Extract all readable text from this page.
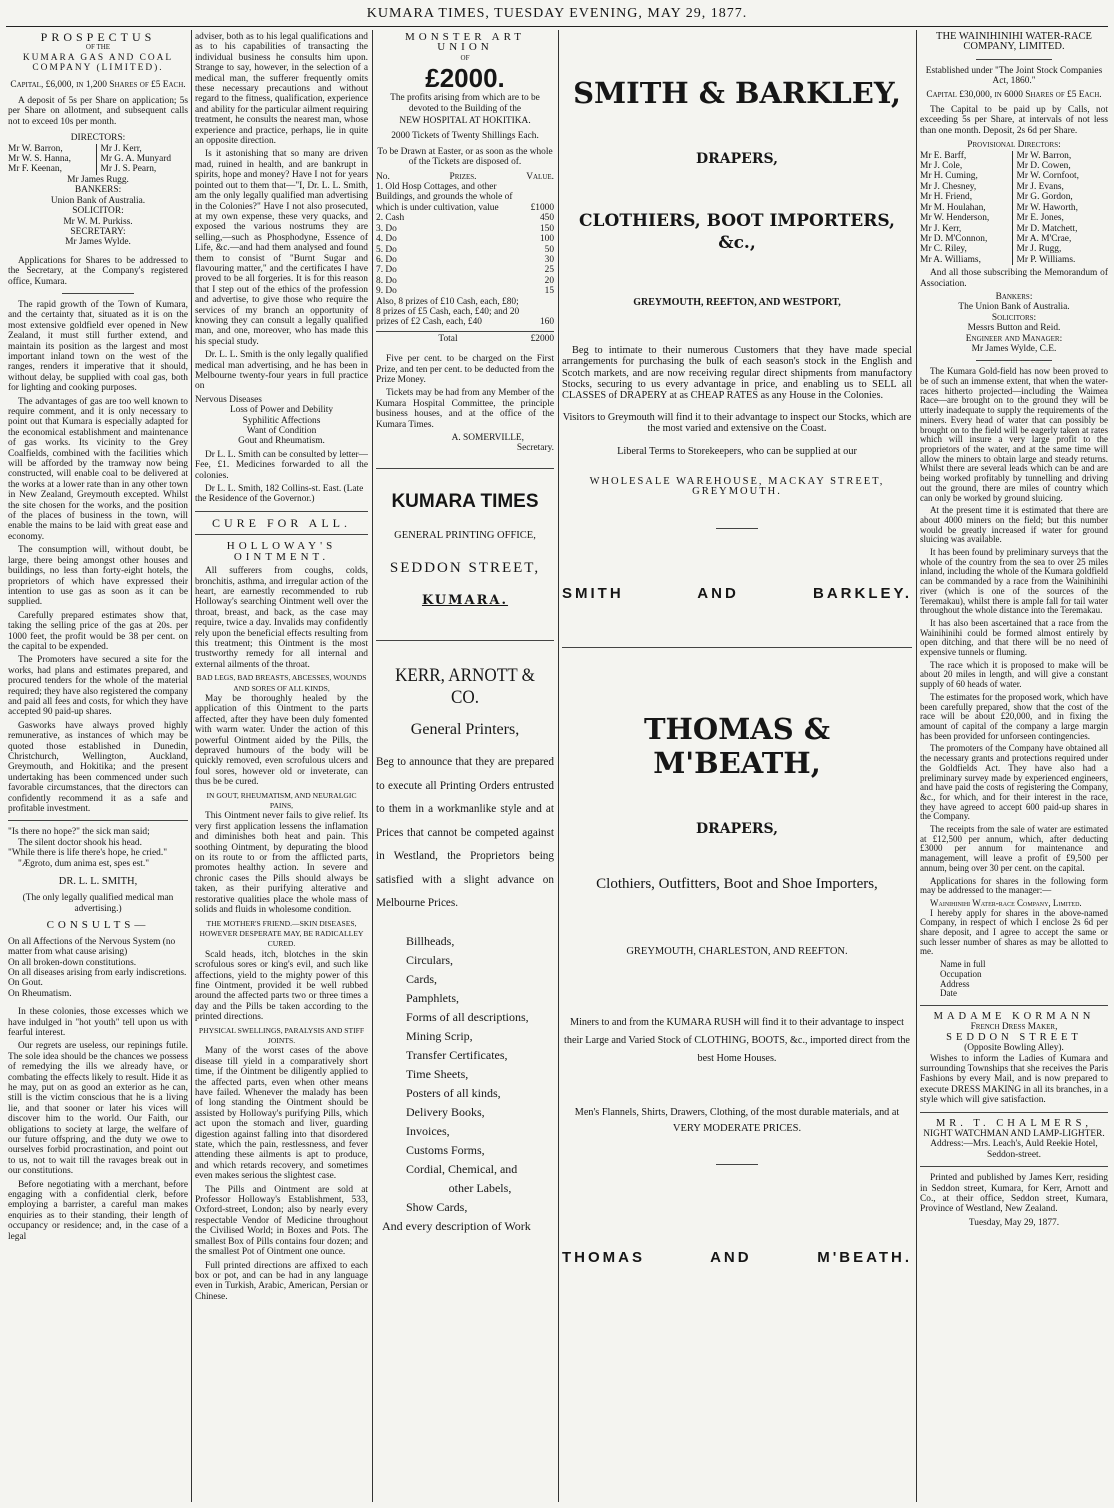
KUMARA TIMES, TUESDAY EVENING, MAY 29, 1877.
PROSPECTUS
OF THE
KUMARA GAS AND COAL COMPANY (LIMITED).

Capital, £6,000, in 1,200 Shares of £5 Each.

A deposit of 5s per Share on application; 5s per Share on allotment, and subsequent calls not to exceed 10s per month.

DIRECTORS:
Mr W. Barron,
Mr W. S. Hanna,
Mr F. Keenan,
Mr J. Kerr,
Mr G. A. Munyard
Mr J. S. Pearn,
Mr James Rugg.
BANKERS:
Union Bank of Australia.
SOLICITOR:
Mr W. M. Purkiss.
SECRETARY:
Mr James Wylde.

Applications for Shares to be addressed to the Secretary, at the Company's registered office, Kumara.

The rapid growth of the Town of Kumara, and the certainty that, situated as it is on the most extensive goldfield ever opened in New Zealand, it must still further extend, and maintain its position as the largest and most important inland town on the west of the ranges, renders it imperative that it should, without delay, be supplied with coal gas, both for lighting and cooking purposes.

The advantages of gas are too well known to require comment, and it is only necessary to point out that Kumara is especially adapted for the economical establishment and maintenance of gas works. Its vicinity to the Grey Coalfields, combined with the facilities which will be afforded by the tramway now being constructed, will enable coal to be delivered at the works at a lower rate than in any other town in New Zealand, Greymouth excepted. Whilst the site chosen for the works, and the position of the places of business in the town, will enable the mains to be laid with great ease and economy.

The consumption will, without doubt, be large, there being amongst other houses and buildings, no less than forty-eight hotels, the proprietors of which have expressed their intention to use gas as soon as it can be supplied.

Carefully prepared estimates show that, taking the selling price of the gas at 20s. per 1000 feet, the profit would be 38 per cent. on the capital to be expended.

The Promoters have secured a site for the works, had plans and estimates prepared, and procured tenders for the whole of the material required; they have also registered the company and paid all fees and costs, for which they have accepted 90 paid-up shares.

Gasworks have always proved highly remunerative, as instances of which may be quoted those established in Dunedin, Christchurch, Wellington, Auckland, Greymouth, and Hokitika; and the present undertaking has been commenced under such favorable circumstances, that the directors can confidently recommend it as a safe and profitable investment.

"Is there no hope?" the sick man said;
The silent doctor shook his head.
"While there is life there's hope, he cried."
"Ægroto, dum anima est, spes est."
DR. L. L. SMITH,

(The only legally qualified medical man advertising.)

CONSULTS—
On all Affections of the Nervous System (no matter from what cause arising)
On all broken-down constitutions.
On all diseases arising from early indiscretions.
On Gout.
On Rheumatism.

In these colonies, those excesses which we have indulged in "hot youth" tell upon us with fearful interest.

Our regrets are useless, our repinings futile. The sole idea should be the chances we possess of remedying the ills we already have, or combating the effects likely to result. Hide it as he may, put on as good an exterior as he can, still is the victim conscious that he is a living lie, and that sooner or later his vices will discover him to the world. Our Faith, our obligations to society at large, the welfare of our future offspring, and the duty we owe to ourselves forbid procrastination, and point out to us, not to wait till the ravages break out in our constitutions.

Before negotiating with a merchant, before engaging with a confidential clerk, before employing a barrister, a careful man makes enquiries as to their standing, their length of occupancy or residence; and, in the case of a legal

adviser, both as to his legal qualifications and as to his capabilities of transacting the individual business he consults him upon. Strange to say, however, in the selection of a medical man, the sufferer frequently omits these necessary precautions and without regard to the fitness, qualification, experience and ability for the particular ailment requiring treatment, he consults the nearest man, whose experience and practice, perhaps, lie in quite an opposite direction.

Is it astonishing that so many are driven mad, ruined in health, and are bankrupt in spirits, hope and money? Have I not for years pointed out to them that—"I, Dr. L. L. Smith, am the only legally qualified man advertising in the Colonies?" Have I not also prosecuted, at my own expense, these very quacks, and exposed the various nostrums they are selling,—such as Phosphodyne, Essence of Life, &c.—and had them analysed and found them to consist of "Burnt Sugar and flavouring matter," and the certificates I have proved to be all forgeries. It is for this reason that I step out of the ethics of the profession and advertise, to give those who require the services of my branch an opportunity of knowing they can consult a legally qualified man, and one, moreover, who has made this his special study.

Dr. L. L. Smith is the only legally qualified medical man advertising, and he has been in Melbourne twenty-four years in full practice on

Nervous Diseases
Loss of Power and Debility
Syphilitic Affections
Want of Condition
Gout and Rheumatism.

Dr L. L. Smith can be consulted by letter—Fee, £1. Medicines forwarded to all the colonies.

Dr L. L. Smith, 182 Collins-st. East. (Late the Residence of the Governor.)

CURE FOR ALL.
HOLLOWAY'S OINTMENT.

All sufferers from coughs, colds, bronchitis, asthma, and irregular action of the heart, are earnestly recommended to rub Holloway's searching Ointment well over the throat, breast, and back, as the case may require, twice a day. Invalids may confidently rely upon the beneficial effects resulting from this treatment; this Ointment is the most trustworthy remedy for all internal and external ailments of the throat.

BAD LEGS, BAD BREASTS, ABCESSES, WOUNDS AND SORES OF ALL KINDS,

May be thoroughly healed by the application of this Ointment to the parts affected, after they have been duly fomented with warm water. Under the action of this powerful Ointment aided by the Pills, the depraved humours of the body will be quickly removed, even scrofulous ulcers and foul sores, however old or inveterate, can thus be be cured.

IN GOUT, RHEUMATISM, AND NEURALGIC PAINS,

This Ointment never fails to give relief. Its very first application lessens the inflamation and diminishes both heat and pain. This soothing Ointment, by depurating the blood on its route to or from the afflicted parts, promotes healthy action. In severe and chronic cases the Pills should always be taken, as their purifying alterative and restorative qualities place the whole mass of solids and fluids in wholesome condition.

THE MOTHER'S FRIEND.—SKIN DISEASES, HOWEVER DESPERATE MAY, BE RADICALLEY CURED.

Scald heads, itch, blotches in the skin scrofulous sores or king's evil, and such like affections, yield to the mighty power of this fine Ointment, provided it be well rubbed around the affected parts two or three times a day and the Pills be taken according to the printed directions.

PHYSICAL SWELLINGS, PARALYSIS AND STIFF JOINTS.

Many of the worst cases of the above disease till yield in a comparatively short time, if the Ointment be diligently applied to the affected parts, even when other means have failed. Whenever the malady has been of long standing the Ointment should be assisted by Holloway's purifying Pills, which act upon the stomach and liver, guarding digestion against falling into that disordered state, which the pain, restlessness, and fever attending these ailments is apt to produce, and which retards recovery, and sometimes even makes serious the slightest case.

The Pills and Ointment are sold at Professor Holloway's Establishment, 533, Oxford-street, London; also by nearly every respectable Vendor of Medicine throughout the Civilised World; in Boxes and Pots. The smallest Box of Pills contains four dozen; and the smallest Pot of Ointment one ounce.

Full printed directions are affixed to each box or pot, and can be had in any language even in Turkish, Arabic, American, Persian or Chinese.

MONSTER ART UNION
OF
£2000.
The profits arising from which are to be devoted to the Building of the
NEW HOSPITAL AT HOKITIKA.
2000 Tickets of Twenty Shillings Each.

To be Drawn at Easter, or as soon as the whole of the Tickets are disposed of.

No.	Prizes.	Value.
1. Old Hosp Cottages, and other Buildings, and grounds the whole of which is under cultivation, value	£1000
2. Cash	450
3. Do	150
4. Do	100
5. Do	50
6. Do	30
7. Do	25
8. Do	20
9. Do	15
Also, 8 prizes of £10 Cash, each, £80; 8 prizes of £5 Cash, each, £40; and 20 prizes of £2 Cash, each, £40	160
Total	£2000

Five per cent. to be charged on the First Prize, and ten per cent. to be deducted from the Prize Money.

Tickets may be had from any Member of the Kumara Hospital Committee, the principle business houses, and at the office of the Kumara Times.

A. SOMERVILLE,
Secretary.
KUMARA TIMES
GENERAL PRINTING OFFICE,
SEDDON STREET,
KUMARA.
KERR, ARNOTT & CO.
General Printers,

Beg to announce that they are prepared to execute all Printing Orders entrusted to them in a workmanlike style and at Prices that cannot be competed against in Westland, the Proprietors being satisfied with a slight advance on Melbourne Prices.

Billheads,
Circulars,
Cards,
Pamphlets,
Forms of all descriptions,
Mining Scrip,
Transfer Certificates,
Time Sheets,
Posters of all kinds,
Delivery Books,
Invoices,
Customs Forms,
Cordial, Chemical, and
other Labels,
Show Cards,
And every description of Work
SMITH & BARKLEY,
DRAPERS,
CLOTHIERS, BOOT IMPORTERS, &c.,
GREYMOUTH, REEFTON, AND WESTPORT,

Beg to intimate to their numerous Customers that they have made special arrangements for purchasing the bulk of each season's stock in the English and Scotch markets, and are now receiving regular direct shipments from manufactory Stocks, securing to us every advantage in price, and enabling us to SELL all CLASSES of DRAPERY at as CHEAP RATES as any House in the Colonies.

Visitors to Greymouth will find it to their advantage to inspect our Stocks, which are the most varied and extensive on the Coast.

Liberal Terms to Storekeepers, who can be supplied at our

WHOLESALE WAREHOUSE, MACKAY STREET, GREYMOUTH.
SMITH AND BARKLEY.
THOMAS & M'BEATH,
DRAPERS,
Clothiers, Outfitters, Boot and Shoe Importers,
GREYMOUTH, CHARLESTON, AND REEFTON.

Miners to and from the KUMARA RUSH will find it to their advantage to inspect their Large and Varied Stock of CLOTHING, BOOTS, &c., imported direct from the best Home Houses.

Men's Flannels, Shirts, Drawers, Clothing, of the most durable materials, and at

VERY MODERATE PRICES.

THOMAS AND M'BEATH.
THE WAINIHINIHI WATER-RACE COMPANY, LIMITED.

Established under "The Joint Stock Companies Act, 1860."

Capital £30,000, in 6000 Shares of £5 Each.

The Capital to be paid up by Calls, not exceeding 5s per Share, at intervals of not less than one month. Deposit, 2s 6d per Share.

Provisional Directors:
Mr E. Barff,
Mr J. Cole,
Mr H. Cuming,
Mr J. Chesney,
Mr H. Friend,
Mr M. Houlahan,
Mr W. Henderson,
Mr J. Kerr,
Mr D. M'Connon,
Mr C. Riley,
Mr A. Williams,
Mr W. Barron,
Mr D. Cowen,
Mr W. Cornfoot,
Mr J. Evans,
Mr G. Gordon,
Mr W. Haworth,
Mr E. Jones,
Mr D. Matchett,
Mr A. M'Crae,
Mr J. Rugg,
Mr P. Williams.

And all those subscribing the Memorandum of Association.

Bankers:
The Union Bank of Australia.
Solicitors:
Messrs Button and Reid.
Engineer and Manager:
Mr James Wylde, C.E.

The Kumara Gold-field has now been proved to be of such an immense extent, that when the water-races hitherto projected—including the Waimea Race—are brought on to the ground they will be utterly inadequate to supply the requirements of the miners. Every head of water that can possibly be brought on to the field will be eagerly taken at rates which will insure a very large profit to the proprietors of the water, and at the same time will allow the miners to obtain large and steady returns. Whilst there are several leads which can be and are being worked profitably by tunnelling and driving out the ground, there are miles of country which can only be worked by ground sluicing.

At the present time it is estimated that there are about 4000 miners on the field; but this number would be greatly increased if water for ground sluicing was available.

It has been found by preliminary surveys that the whole of the country from the sea to over 25 miles inland, including the whole of the Kumara goldfield can be commanded by a race from the Wainihinihi river (which is one of the sources of the Teremakau), whilst there is ample fall for tail water throughout the whole distance into the Teremakau.

It has also been ascertained that a race from the Wainihinihi could be formed almost entirely by open ditching, and that there will be no need of expensive tunnels or fluming.

The race which it is proposed to make will be about 20 miles in length, and will give a constant supply of 60 heads of water.

The estimates for the proposed work, which have been carefully prepared, show that the cost of the race will be about £20,000, and in fixing the amount of capital of the company a large margin has been provided for unforseen contingencies.

The promoters of the Company have obtained all the necessary grants and protections required under the Goldfields Act. They have also had a preliminary survey made by experienced engineers, and have paid the costs of registering the Company, &c., for which, and for their interest in the race, they have agreed to accept 600 paid-up shares in the Company.

The receipts from the sale of water are estimated at £12,500 per annum, which, after deducting £3000 per annum for maintenance and management, will leave a profit of £9,500 per annum, being over 30 per cent. on the capital.

Applications for shares in the following form may be addressed to the manager:—

Wainihinihi Water-race Company, Limited.

I hereby apply for shares in the above-named Company, in respect of which I enclose 2s 6d per share deposit, and I agree to accept the same or such lesser number of shares as may be allotted to me.

Name in full
Occupation
Address
Date
MADAME KORMANN
French Dress Maker,
SEDDON STREET
(Opposite Bowling Alley).

Wishes to inform the Ladies of Kumara and surrounding Townships that she receives the Paris Fashions by every Mail, and is now prepared to execute DRESS MAKING in all its branches, in a style which will give satisfaction.

MR. T. CHALMERS,
NIGHT WATCHMAN AND LAMP-LIGHTER.

Address:—Mrs. Leach's, Auld Reekie Hotel, Seddon-street.

Printed and published by James Kerr, residing in Seddon street, Kumara, for Kerr, Arnott and Co., at their office, Seddon street, Kumara, Province of Westland, New Zealand.

Tuesday, May 29, 1877.
